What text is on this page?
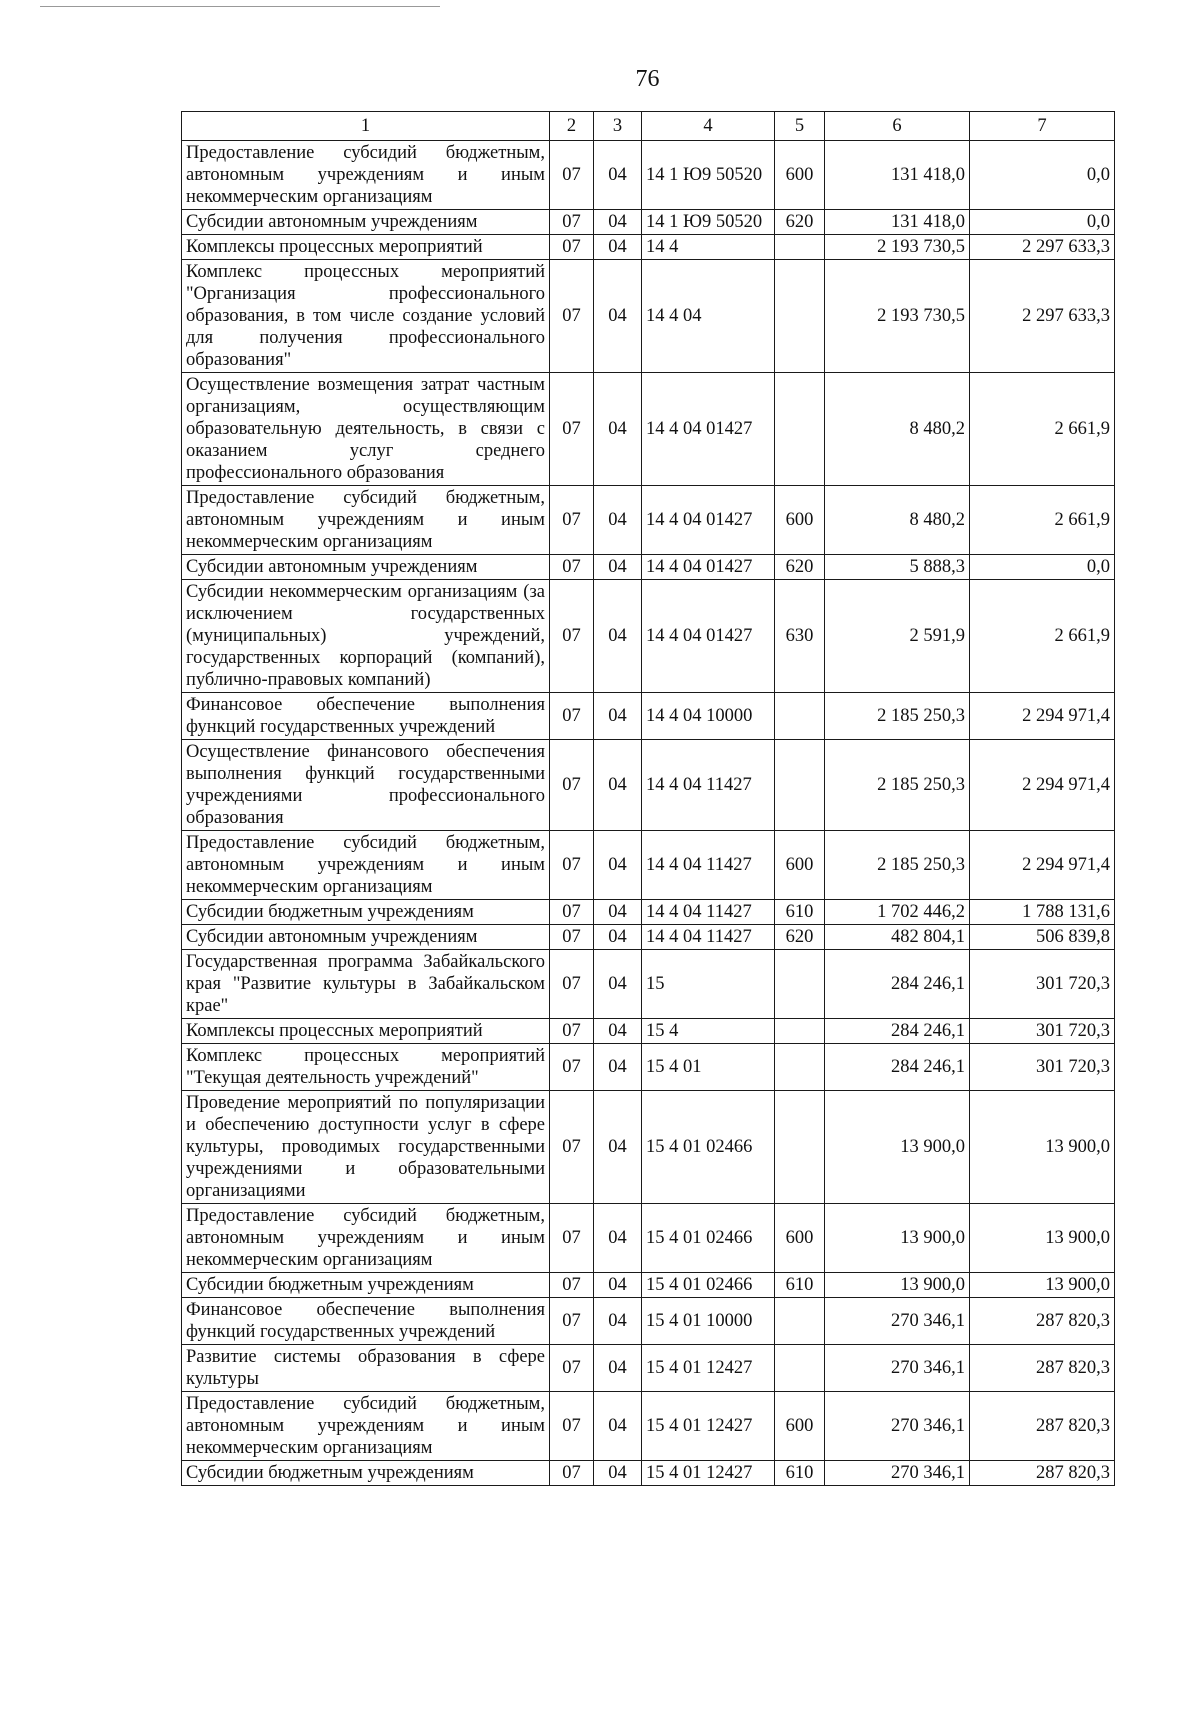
76
1	2	3	4	5	6	7
Предоставление субсидий бюджетным, автономным учреждениям и иным некоммерческим организациям	07	04	14 1 Ю9 50520	600	131 418,0	0,0
Субсидии автономным учреждениям	07	04	14 1 Ю9 50520	620	131 418,0	0,0
Комплексы процессных мероприятий	07	04	14 4		2 193 730,5	2 297 633,3
Комплекс процессных мероприятий "Организация профессионального образования, в том числе создание условий для получения профессионального образования"	07	04	14 4 04		2 193 730,5	2 297 633,3
Осуществление возмещения затрат частным организациям, осуществляющим образовательную деятельность, в связи с оказанием услуг среднего профессионального образования	07	04	14 4 04 01427		8 480,2	2 661,9
Предоставление субсидий бюджетным, автономным учреждениям и иным некоммерческим организациям	07	04	14 4 04 01427	600	8 480,2	2 661,9
Субсидии автономным учреждениям	07	04	14 4 04 01427	620	5 888,3	0,0
Субсидии некоммерческим организациям (за исключением государственных (муниципальных) учреждений, государственных корпораций (компаний), публично-правовых компаний)	07	04	14 4 04 01427	630	2 591,9	2 661,9
Финансовое обеспечение выполнения функций государственных учреждений	07	04	14 4 04 10000		2 185 250,3	2 294 971,4
Осуществление финансового обеспечения выполнения функций государственными учреждениями профессионального образования	07	04	14 4 04 11427		2 185 250,3	2 294 971,4
Предоставление субсидий бюджетным, автономным учреждениям и иным некоммерческим организациям	07	04	14 4 04 11427	600	2 185 250,3	2 294 971,4
Субсидии бюджетным учреждениям	07	04	14 4 04 11427	610	1 702 446,2	1 788 131,6
Субсидии автономным учреждениям	07	04	14 4 04 11427	620	482 804,1	506 839,8
Государственная программа Забайкальского края "Развитие культуры в Забайкальском крае"	07	04	15		284 246,1	301 720,3
Комплексы процессных мероприятий	07	04	15 4		284 246,1	301 720,3
Комплекс процессных мероприятий "Текущая деятельность учреждений"	07	04	15 4 01		284 246,1	301 720,3
Проведение мероприятий по популяризации и обеспечению доступности услуг в сфере культуры, проводимых государственными учреждениями и образовательными организациями	07	04	15 4 01 02466		13 900,0	13 900,0
Предоставление субсидий бюджетным, автономным учреждениям и иным некоммерческим организациям	07	04	15 4 01 02466	600	13 900,0	13 900,0
Субсидии бюджетным учреждениям	07	04	15 4 01 02466	610	13 900,0	13 900,0
Финансовое обеспечение выполнения функций государственных учреждений	07	04	15 4 01 10000		270 346,1	287 820,3
Развитие системы образования в сфере культуры	07	04	15 4 01 12427		270 346,1	287 820,3
Предоставление субсидий бюджетным, автономным учреждениям и иным некоммерческим организациям	07	04	15 4 01 12427	600	270 346,1	287 820,3
Субсидии бюджетным учреждениям	07	04	15 4 01 12427	610	270 346,1	287 820,3
